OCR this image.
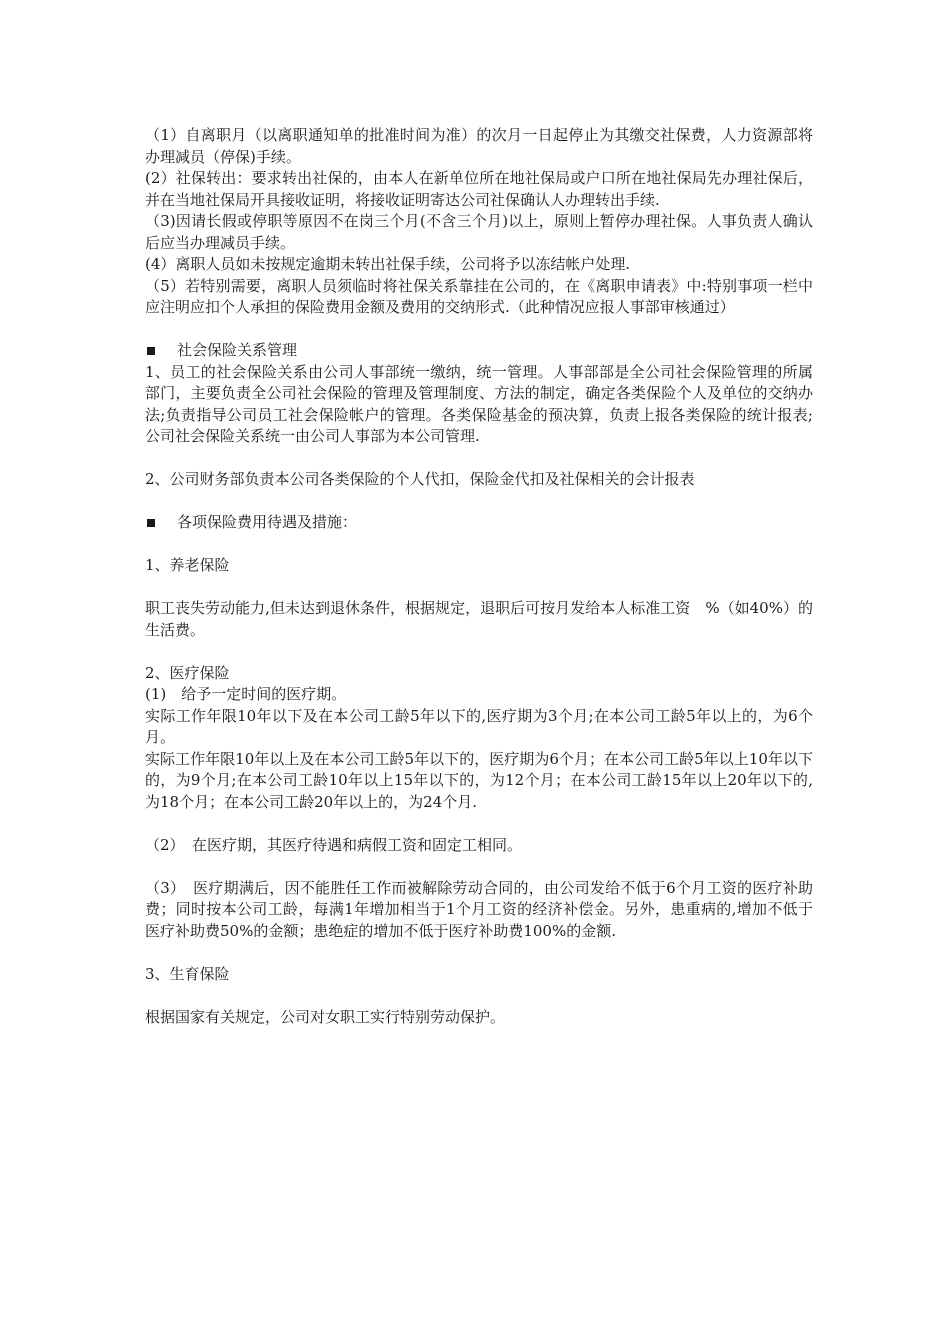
（1）自离职月（以离职通知单的批准时间为准）的次月一日起停止为其缴交社保费，人力资源部将办理减员（停保)手续。

(2）社保转出：要求转出社保的，由本人在新单位所在地社保局或户口所在地社保局先办理社保后，并在当地社保局开具接收证明，将接收证明寄达公司社保确认人办理转出手续.

（3)因请长假或停职等原因不在岗三个月(不含三个月)以上，原则上暂停办理社保。人事负责人确认后应当办理减员手续。

(4）离职人员如未按规定逾期未转出社保手续，公司将予以冻结帐户处理.

（5）若特别需要，离职人员须临时将社保关系靠挂在公司的，在《离职申请表》中:特别事项一栏中应注明应扣个人承担的保险费用金额及费用的交纳形式.（此种情况应报人事部审核通过）

社会保险关系管理

1、员工的社会保险关系由公司人事部统一缴纳，统一管理。人事部部是全公司社会保险管理的所属部门，主要负责全公司社会保险的管理及管理制度、方法的制定，确定各类保险个人及单位的交纳办法;负责指导公司员工社会保险帐户的管理。各类保险基金的预决算，负责上报各类保险的统计报表;公司社会保险关系统一由公司人事部为本公司管理.

2、公司财务部负责本公司各类保险的个人代扣，保险金代扣及社保相关的会计报表

各项保险费用待遇及措施：

1、养老保险

职工丧失劳动能力,但未达到退休条件，根据规定，退职后可按月发给本人标准工资　%（如40%）的生活费。

2、医疗保险

(1)　给予一定时间的医疗期。

实际工作年限10年以下及在本公司工龄5年以下的,医疗期为3个月;在本公司工龄5年以上的，为6个月。

实际工作年限10年以上及在本公司工龄5年以下的，医疗期为6个月；在本公司工龄5年以上10年以下的，为9个月;在本公司工龄10年以上15年以下的，为12个月；在本公司工龄15年以上20年以下的,为18个月；在本公司工龄20年以上的，为24个月.

（2）　在医疗期，其医疗待遇和病假工资和固定工相同。

（3）　医疗期满后，因不能胜任工作而被解除劳动合同的，由公司发给不低于6个月工资的医疗补助费；同时按本公司工龄，每满1年增加相当于1个月工资的经济补偿金。另外，患重病的,增加不低于医疗补助费50%的金额；患绝症的增加不低于医疗补助费100%的金额.

3、生育保险

根据国家有关规定，公司对女职工实行特别劳动保护。
